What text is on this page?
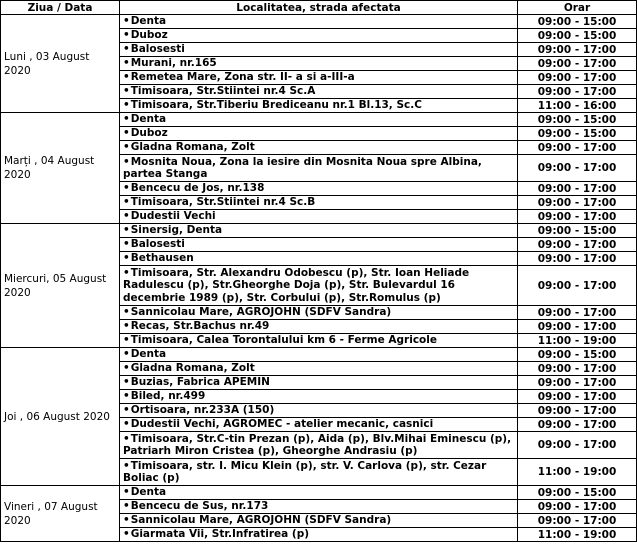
Ziua / Data	Localitatea, strada afectata	Orar
Luni , 03 August 2020	•Denta	09:00 - 15:00
	•Duboz	09:00 - 15:00
	•Balosesti	09:00 - 17:00
	•Murani, nr.165	09:00 - 17:00
	•Remetea Mare, Zona str. II- a si a-III-a	09:00 - 17:00
	•Timisoara, Str.Stiintei nr.4 Sc.A	09:00 - 17:00
	•Timisoara, Str.Tiberiu Brediceanu nr.1 Bl.13, Sc.C	11:00 - 16:00
Marți , 04 August 2020	•Denta	09:00 - 15:00
	•Duboz	09:00 - 15:00
	•Gladna Romana, Zolt	09:00 - 17:00
	•Mosnita Noua, Zona la iesire din Mosnita Noua spre Albina, partea Stanga	09:00 - 17:00
	•Bencecu de Jos, nr.138	09:00 - 17:00
	•Timisoara, Str.Stiintei nr.4 Sc.B	09:00 - 17:00
	•Dudestii Vechi	09:00 - 17:00
Miercuri, 05 August 2020	•Sinersig, Denta	09:00 - 15:00
	•Balosesti	09:00 - 17:00
	•Bethausen	09:00 - 17:00
	•Timisoara, Str. Alexandru Odobescu (p), Str. Ioan Heliade Radulescu (p), Str.Gheorghe Doja (p), Str. Bulevardul 16 decembrie 1989 (p), Str. Corbului (p), Str.Romulus (p)	09:00 - 17:00
	•Sannicolau Mare, AGROJOHN (SDFV Sandra)	09:00 - 17:00
	•Recas, Str.Bachus nr.49	09:00 - 17:00
	•Timisoara, Calea Torontalului km 6 - Ferme Agricole	11:00 - 19:00
Joi , 06 August 2020	•Denta	09:00 - 15:00
	•Gladna Romana, Zolt	09:00 - 17:00
	•Buzias, Fabrica APEMIN	09:00 - 17:00
	•Biled, nr.499	09:00 - 17:00
	•Ortisoara, nr.233A (150)	09:00 - 17:00
	•Dudestii Vechi, AGROMEC - atelier mecanic, casnici	09:00 - 17:00
	•Timisoara, Str.C-tin Prezan (p), Aida (p), Blv.Mihai Eminescu (p), Patriarh Miron Cristea (p), Gheorghe Andrasiu (p)	09:00 - 17:00
	•Timisoara, str. I. Micu Klein (p), str. V. Carlova (p), str. Cezar Boliac (p)	11:00 - 19:00
Vineri , 07 August 2020	•Denta	09:00 - 15:00
	•Bencecu de Sus, nr.173	09:00 - 17:00
	•Sannicolau Mare, AGROJOHN (SDFV Sandra)	09:00 - 17:00
	•Giarmata Vii, Str.Infratirea (p)	11:00 - 19:00
